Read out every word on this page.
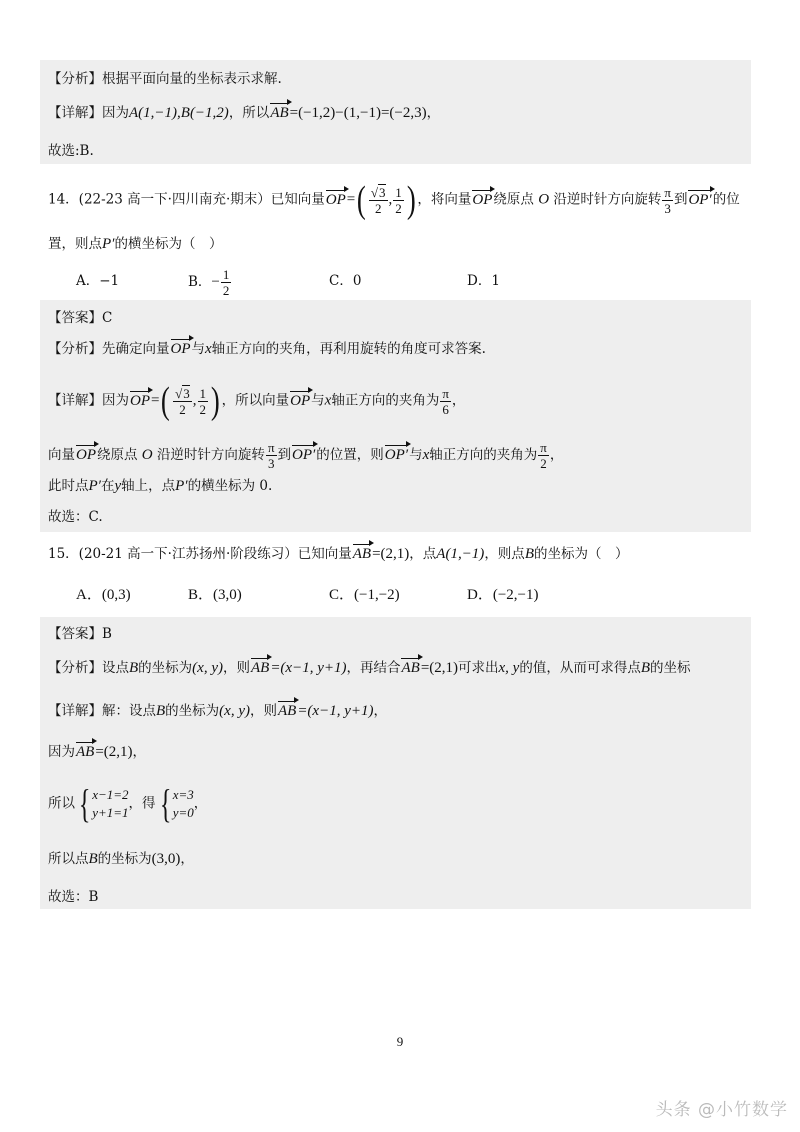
【分析】根据平面向量的坐标表示求解.
【详解】因为A(1,−1),B(−1,2)，所以AB=(−1,2)−(1,−1)=(−2,3)，
故选:B.
14．(22-23 高一下·四川南充·期末）已知向量$OP=( \frac{√3}{2}$ , $\frac{1}{2}$ ) ，将向量OP绕原点 O 沿逆时针方向旋转 $\frac{\pi}{3}$ 到OP′的位
置，则点P′的横坐标为（　）
A．−1	B．− $\frac{1}{2}$	C．0	D．1
【答案】C
【分析】先确定向量OP与x轴正方向的夹角，再利用旋转的角度可求答案.
【详解】因为$OP=( \frac{√3}{2}$ , $\frac{1}{2}$ ) ，所以向量OP与x轴正方向的夹角为 $\frac{\pi}{6}$ ，
向量OP绕原点 O 沿逆时针方向旋转 $\frac{\pi}{3}$ 到OP′的位置，则OP′与x轴正方向的夹角为 $\frac{\pi}{2}$ ，
此时点P′在y轴上，点P′的横坐标为 0.
故选：C.
15．(20-21 高一下·江苏扬州·阶段练习）已知向量AB=(2,1)，点A(1,−1)，则点B的坐标为（　）
A．(0,3)	B．(3,0)	C．(−1,−2)	D．(−2,−1)
【答案】B
【分析】设点B的坐标为(x, y)，则AB=(x−1, y+1)，再结合AB=(2,1)可求出x, y的值，从而可求得点B的坐标
【详解】解：设点B的坐标为(x, y)，则AB=(x−1, y+1)，
因为AB=(2,1)，
所以 { x−1=2
y+1=1
，得 { x=3
y=0
，
所以点B的坐标为(3,0)，
故选：B
9
头条 @小竹数学
